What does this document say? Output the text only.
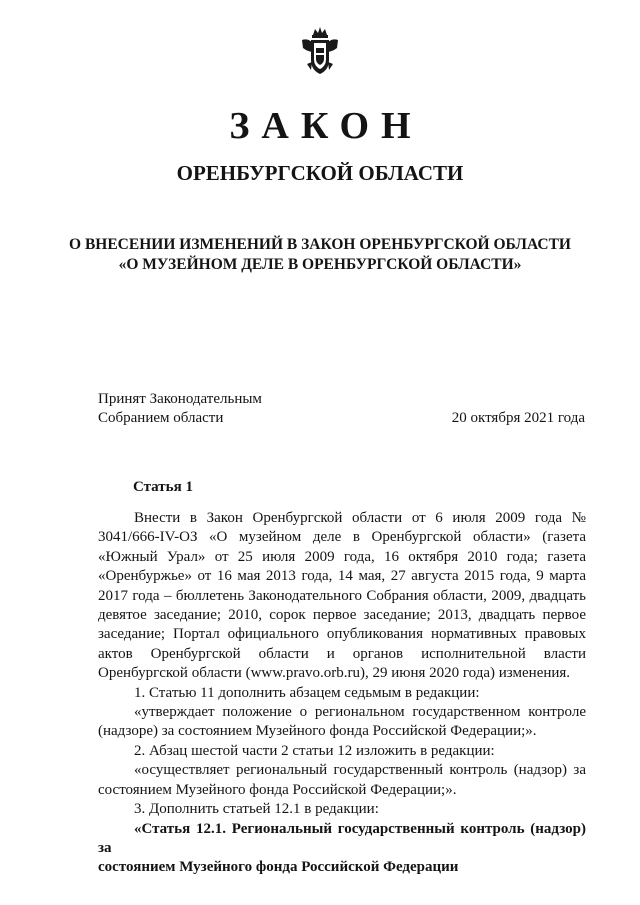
ЗАКОН
ОРЕНБУРГСКОЙ ОБЛАСТИ
О ВНЕСЕНИИ ИЗМЕНЕНИЙ В ЗАКОН ОРЕНБУРГСКОЙ ОБЛАСТИ
«О МУЗЕЙНОМ ДЕЛЕ В ОРЕНБУРГСКОЙ ОБЛАСТИ»
Принят Законодательным
Собранием области	20 октября 2021 года
Статья 1

Внести в Закон Оренбургской области от 6 июля 2009 года № 3041/666-IV-ОЗ «О музейном деле в Оренбургской области» (газета «Южный Урал» от 25 июля 2009 года, 16 октября 2010 года; газета «Оренбуржье» от 16 мая 2013 года, 14 мая, 27 августа 2015 года, 9 марта 2017 года – бюллетень Законодательного Собрания области, 2009, двадцать девятое заседание; 2010, сорок первое заседание; 2013, двадцать первое заседание; Портал официального опубликования нормативных правовых актов Оренбургской области и органов исполнительной власти Оренбургской области (www.pravo.orb.ru), 29 июня 2020 года) изменения.

1. Статью 11 дополнить абзацем седьмым в редакции:

«утверждает положение о региональном государственном контроле (надзоре) за состоянием Музейного фонда Российской Федерации;».

2. Абзац шестой части 2 статьи 12 изложить в редакции:

«осуществляет региональный государственный контроль (надзор) за состоянием Музейного фонда Российской Федерации;».

3. Дополнить статьей 12.1 в редакции:

«Статья 12.1. Региональный государственный контроль (надзор) за

состоянием Музейного фонда Российской Федерации
